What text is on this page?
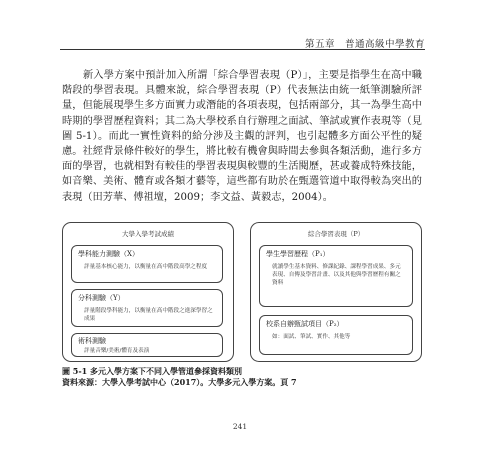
第五章　普通高級中學教育

新入學方案中預計加入所謂「綜合學習表現（P）」，主要是指學生在高中職階段的學習表現。具體來說，綜合學習表現（P）代表無法由統一紙筆測驗所評量，但能展現學生多方面實力或潛能的各項表現，包括兩部分，其一為學生高中時期的學習歷程資料；其二為大學校系自行辦理之面試、筆試或實作表現等（見圖 5-1）。而此一實性資料的給分涉及主觀的評判，也引起體多方面公平性的疑慮。社經背景條件較好的學生，將比較有機會與時間去參與各類活動，進行多方面的學習，也就相對有較佳的學習表現與較豐的生活閱歷，甚或養成特殊技能，如音樂、美術、體育或各類才藝等，這些都有助於在甄選管道中取得較為突出的表現（田芳華、傅祖壇，2009；李文益、黃毅志，2004）。

大學入學考試成績
學科能力測驗（X）
評量基本核心能力，以衡量在高中階段高學之程度
分科測驗（Y）
評量階段學科能力，以衡量在高中階段之進深學習之成果
術科測驗
評量音樂/美術/體育及表演
綜合學習表現（P）
學生學習歷程（P₁）
就讀學生基本資料、修課紀錄、課程學習成果、多元表現、自傳及學習計畫、以及其他與學習歷程有關之資料
校系自辦甄試項目（P₂）
如：面試、筆試、實作、其他等
圖 5-1 多元入學方案下不同入學管道參採資料類別
資料來源：大學入學考試中心（2017）。大學多元入學方案。頁 7
241
